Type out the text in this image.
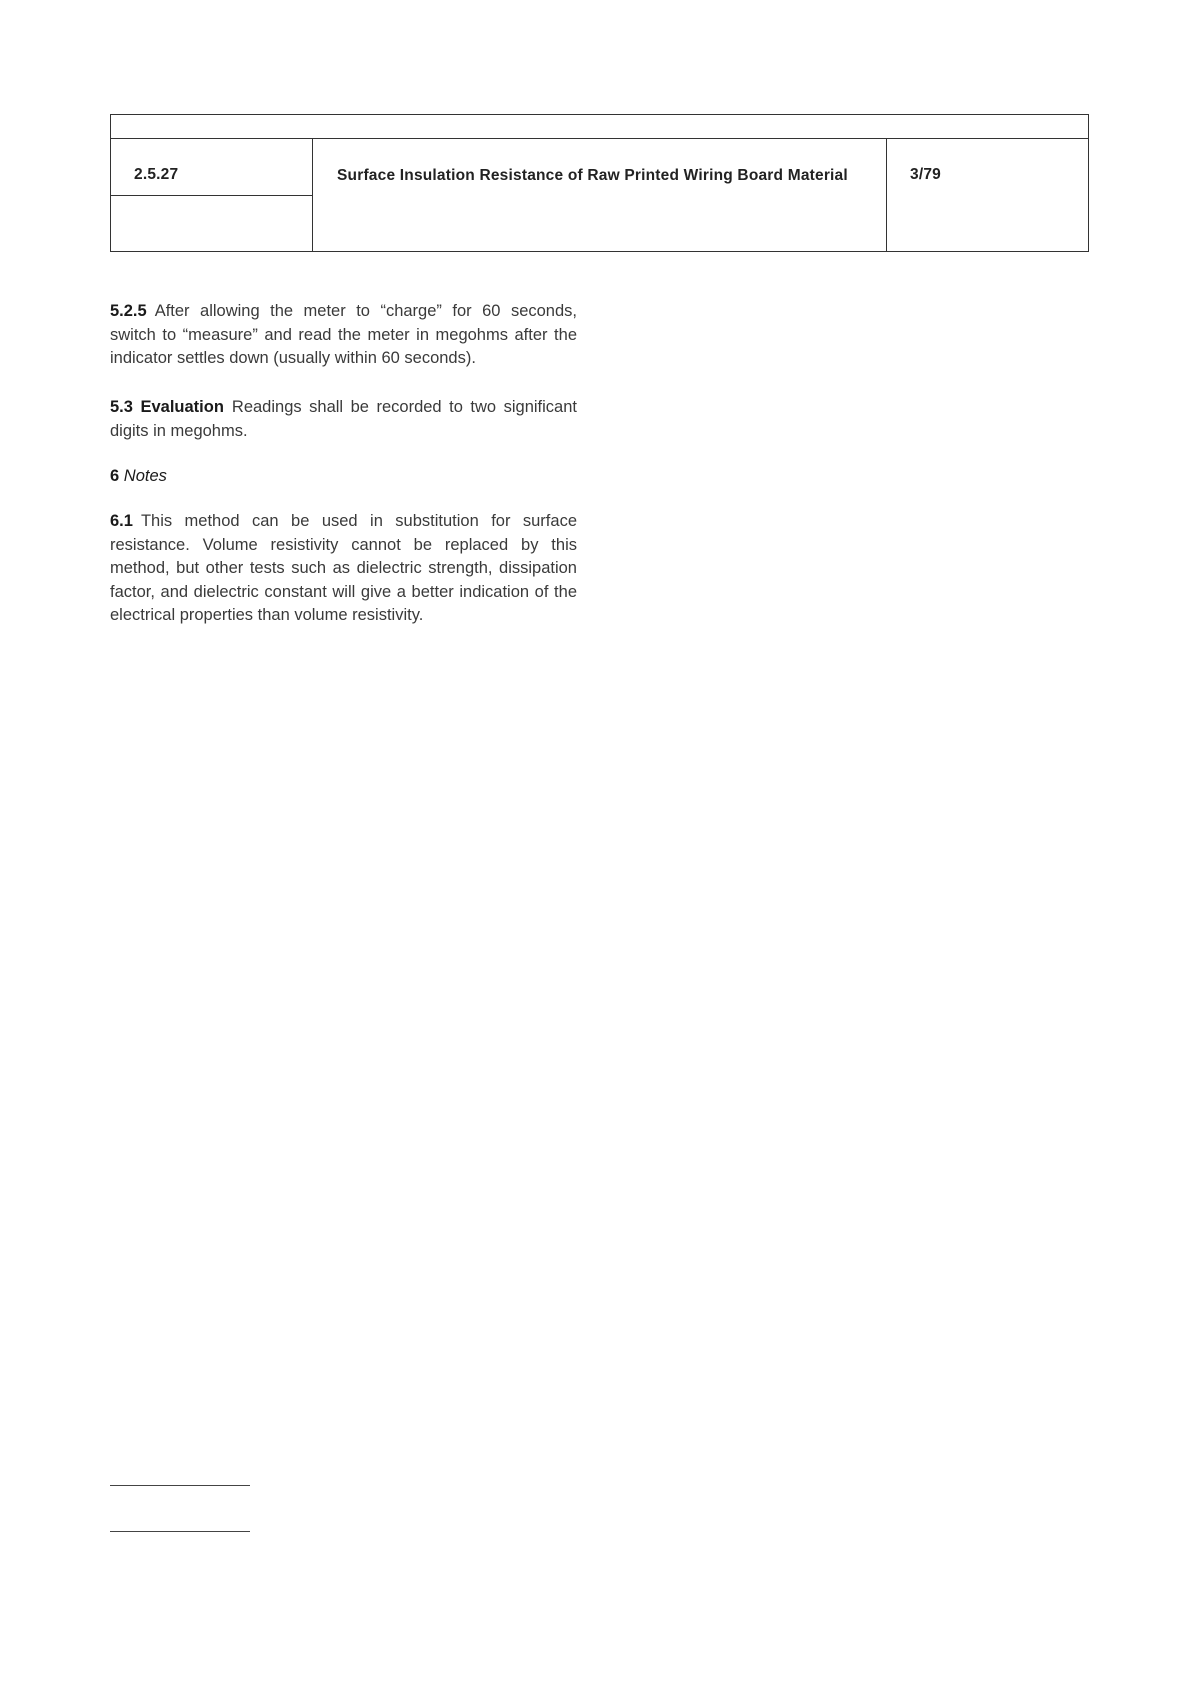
2.5.27	Surface Insulation Resistance of Raw Printed Wiring Board Material	3/79
5.2.5 After allowing the meter to “charge” for 60 seconds, switch to “measure” and read the meter in megohms after the indicator settles down (usually within 60 seconds).
5.3 Evaluation Readings shall be recorded to two significant digits in megohms.
6 Notes
6.1 This method can be used in substitution for surface resistance. Volume resistivity cannot be replaced by this method, but other tests such as dielectric strength, dissipation factor, and dielectric constant will give a better indication of the electrical properties than volume resistivity.
